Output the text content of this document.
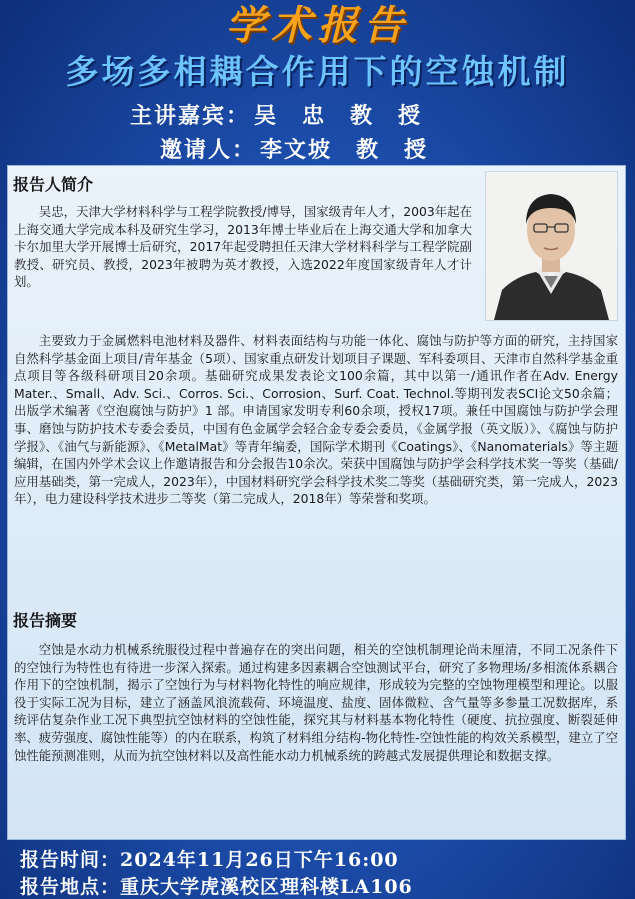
学术报告
多场多相耦合作用下的空蚀机制
主讲嘉宾： 吴　忠　教　授
邀请人： 李文坡　教　授
报告人简介

吴忠，天津大学材料科学与工程学院教授/博导，国家级青年人才，2003年起在上海交通大学完成本科及研究生学习，2013年博士毕业后在上海交通大学和加拿大卡尔加里大学开展博士后研究，2017年起受聘担任天津大学材料科学与工程学院副教授、研究员、教授，2023年被聘为英才教授，入选2022年度国家级青年人才计划。

主要致力于金属燃料电池材料及器件、材料表面结构与功能一体化、腐蚀与防护等方面的研究，主持国家自然科学基金面上项目/青年基金（5项）、国家重点研发计划项目子课题、军科委项目、天津市自然科学基金重点项目等各级科研项目20余项。基础研究成果发表论文100余篇，其中以第一/通讯作者在Adv. Energy Mater.、Small、Adv. Sci.、Corros. Sci.、Corrosion、Surf. Coat. Technol.等期刊发表SCI论文50余篇；出版学术编著《空泡腐蚀与防护》1 部。申请国家发明专利60余项，授权17项。兼任中国腐蚀与防护学会理事、磨蚀与防护技术专委会委员，中国有色金属学会轻合金专委会委员，《金属学报（英文版）》、《腐蚀与防护学报》、《油气与新能源》、《MetalMat》等青年编委，国际学术期刊《Coatings》、《Nanomaterials》等主题编辑，在国内外学术会议上作邀请报告和分会报告10余次。荣获中国腐蚀与防护学会科学技术奖一等奖（基础/应用基础类，第一完成人，2023年），中国材料研究学会科学技术奖二等奖（基础研究类，第一完成人，2023年），电力建设科学技术进步二等奖（第二完成人，2018年）等荣誉和奖项。

报告摘要

空蚀是水动力机械系统服役过程中普遍存在的突出问题，相关的空蚀机制理论尚未厘清，不同工况条件下的空蚀行为特性也有待进一步深入探索。通过构建多因素耦合空蚀测试平台，研究了多物理场/多相流体系耦合作用下的空蚀机制，揭示了空蚀行为与材料物化特性的响应规律，形成较为完整的空蚀物理模型和理论。以服役于实际工况为目标，建立了涵盖风浪流载荷、环境温度、盐度、固体微粒、含气量等多参量工况数据库，系统评估复杂作业工况下典型抗空蚀材料的空蚀性能，探究其与材料基本物化特性（硬度、抗拉强度、断裂延伸率、疲劳强度、腐蚀性能等）的内在联系，构筑了材料组分结构-物化特性-空蚀性能的构效关系模型，建立了空蚀性能预测准则，从而为抗空蚀材料以及高性能水动力机械系统的跨越式发展提供理论和数据支撑。

报告时间：2024年11月26日下午16:00
报告地点：重庆大学虎溪校区理科楼LA106
